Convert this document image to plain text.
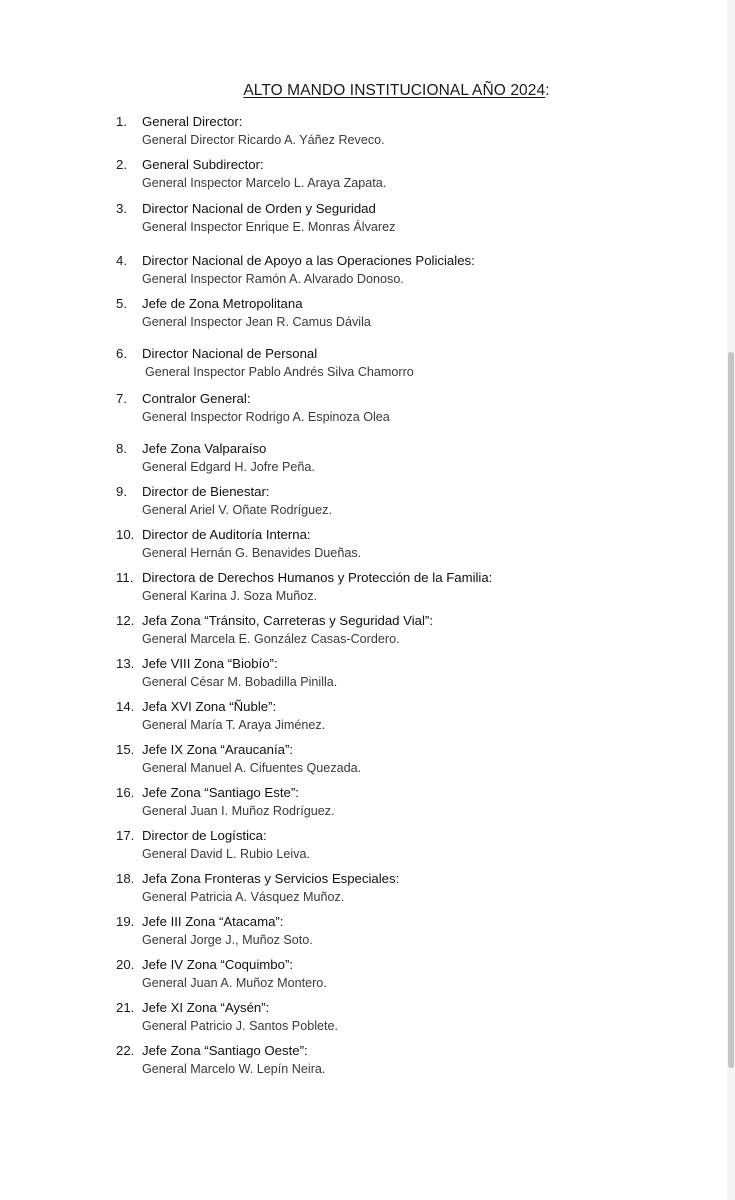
ALTO MANDO INSTITUCIONAL AÑO 2024:
1. General Director:
General Director Ricardo A. Yáñez Reveco.
2. General Subdirector:
General Inspector Marcelo L. Araya Zapata.
3. Director Nacional de Orden y Seguridad
General Inspector Enrique E. Monras Álvarez
4. Director Nacional de Apoyo a las Operaciones Policiales:
General Inspector Ramón A. Alvarado Donoso.
5. Jefe de Zona Metropolitana
General Inspector Jean R. Camus Dávila
6. Director Nacional de Personal
General Inspector Pablo Andrés Silva Chamorro
7. Contralor General:
General Inspector Rodrigo A. Espinoza Olea
8. Jefe Zona Valparaíso
General Edgard H. Jofre Peña.
9. Director de Bienestar:
General Ariel V. Oñate Rodríguez.
10. Director de Auditoría Interna:
General Hernán G. Benavides Dueñas.
11. Directora de Derechos Humanos y Protección de la Familia:
General Karina J. Soza Muñoz.
12. Jefa Zona “Tránsito, Carreteras y Seguridad Vial”:
General Marcela E. González Casas-Cordero.
13. Jefe VIII Zona “Biobío”:
General César M. Bobadilla Pinilla.
14. Jefa XVI Zona “Ñuble”:
General María T. Araya Jiménez.
15. Jefe IX Zona “Araucanía”:
General Manuel A. Cifuentes Quezada.
16. Jefe Zona “Santiago Este”:
General Juan I. Muñoz Rodríguez.
17. Director de Logística:
General David L. Rubio Leiva.
18. Jefa Zona Fronteras y Servicios Especiales:
General Patricia A. Vásquez Muñoz.
19. Jefe III Zona “Atacama”:
General Jorge J., Muñoz Soto.
20. Jefe IV Zona “Coquimbo”:
General Juan A. Muñoz Montero.
21. Jefe XI Zona “Aysén”:
General Patricio J. Santos Poblete.
22. Jefe Zona “Santiago Oeste”:
General Marcelo W. Lepín Neira.
